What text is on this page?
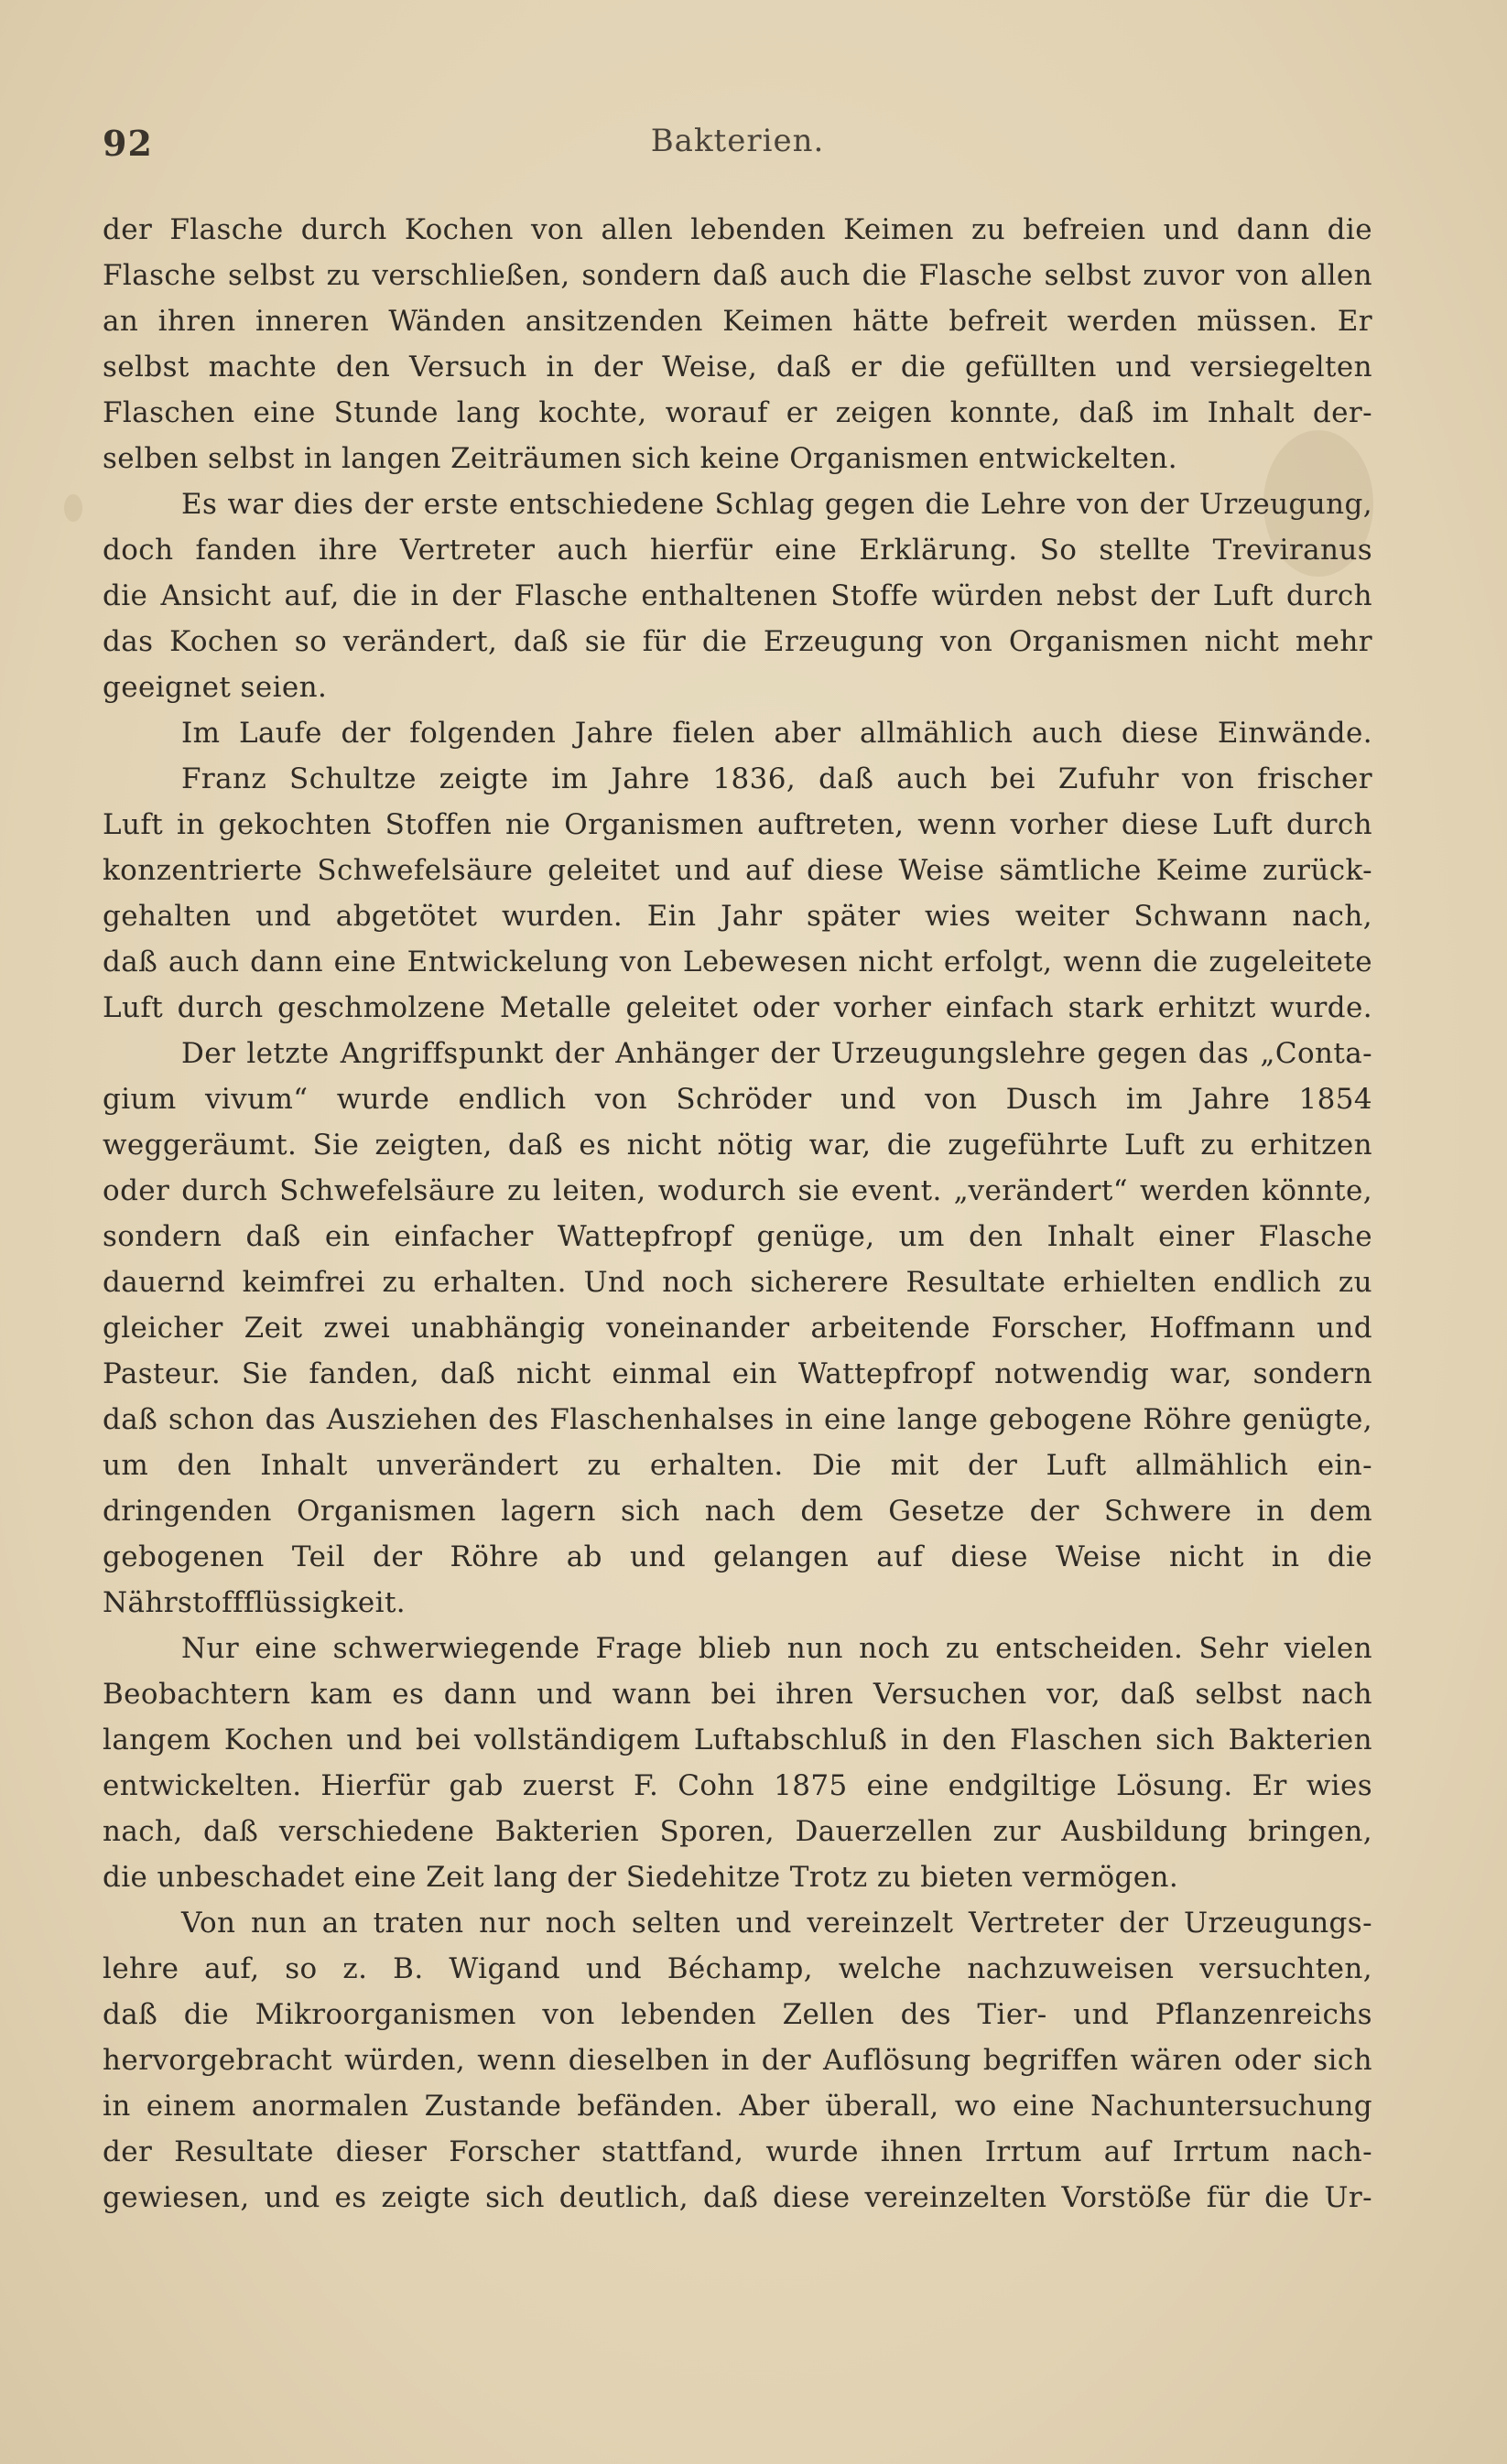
92	Bakterien.
der Flasche durch Kochen von allen lebenden Keimen zu befreien und dann die
Flasche selbst zu verschließen, sondern daß auch die Flasche selbst zuvor von allen
an ihren inneren Wänden ansitzenden Keimen hätte befreit werden müssen. Er
selbst machte den Versuch in der Weise, daß er die gefüllten und versiegelten
Flaschen eine Stunde lang kochte, worauf er zeigen konnte, daß im Inhalt der-
selben selbst in langen Zeiträumen sich keine Organismen entwickelten.
Es war dies der erste entschiedene Schlag gegen die Lehre von der Urzeugung,
doch fanden ihre Vertreter auch hierfür eine Erklärung. So stellte Treviranus
die Ansicht auf, die in der Flasche enthaltenen Stoffe würden nebst der Luft durch
das Kochen so verändert, daß sie für die Erzeugung von Organismen nicht mehr
geeignet seien.
Im Laufe der folgenden Jahre fielen aber allmählich auch diese Einwände.
Franz Schultze zeigte im Jahre 1836, daß auch bei Zufuhr von frischer
Luft in gekochten Stoffen nie Organismen auftreten, wenn vorher diese Luft durch
konzentrierte Schwefelsäure geleitet und auf diese Weise sämtliche Keime zurück-
gehalten und abgetötet wurden. Ein Jahr später wies weiter Schwann nach,
daß auch dann eine Entwickelung von Lebewesen nicht erfolgt, wenn die zugeleitete
Luft durch geschmolzene Metalle geleitet oder vorher einfach stark erhitzt wurde.
Der letzte Angriffspunkt der Anhänger der Urzeugungslehre gegen das „Conta-
gium vivum“ wurde endlich von Schröder und von Dusch im Jahre 1854
weggeräumt. Sie zeigten, daß es nicht nötig war, die zugeführte Luft zu erhitzen
oder durch Schwefelsäure zu leiten, wodurch sie event. „verändert“ werden könnte,
sondern daß ein einfacher Wattepfropf genüge, um den Inhalt einer Flasche
dauernd keimfrei zu erhalten. Und noch sicherere Resultate erhielten endlich zu
gleicher Zeit zwei unabhängig voneinander arbeitende Forscher, Hoffmann und
Pasteur. Sie fanden, daß nicht einmal ein Wattepfropf notwendig war, sondern
daß schon das Ausziehen des Flaschenhalses in eine lange gebogene Röhre genügte,
um den Inhalt unverändert zu erhalten. Die mit der Luft allmählich ein-
dringenden Organismen lagern sich nach dem Gesetze der Schwere in dem
gebogenen Teil der Röhre ab und gelangen auf diese Weise nicht in die
Nährstoffflüssigkeit.
Nur eine schwerwiegende Frage blieb nun noch zu entscheiden. Sehr vielen
Beobachtern kam es dann und wann bei ihren Versuchen vor, daß selbst nach
langem Kochen und bei vollständigem Luftabschluß in den Flaschen sich Bakterien
entwickelten. Hierfür gab zuerst F. Cohn 1875 eine endgiltige Lösung. Er wies
nach, daß verschiedene Bakterien Sporen, Dauerzellen zur Ausbildung bringen,
die unbeschadet eine Zeit lang der Siedehitze Trotz zu bieten vermögen.
Von nun an traten nur noch selten und vereinzelt Vertreter der Urzeugungs-
lehre auf, so z. B. Wigand und Béchamp, welche nachzuweisen versuchten,
daß die Mikroorganismen von lebenden Zellen des Tier- und Pflanzenreichs
hervorgebracht würden, wenn dieselben in der Auflösung begriffen wären oder sich
in einem anormalen Zustande befänden. Aber überall, wo eine Nachuntersuchung
der Resultate dieser Forscher stattfand, wurde ihnen Irrtum auf Irrtum nach-
gewiesen, und es zeigte sich deutlich, daß diese vereinzelten Vorstöße für die Ur-
